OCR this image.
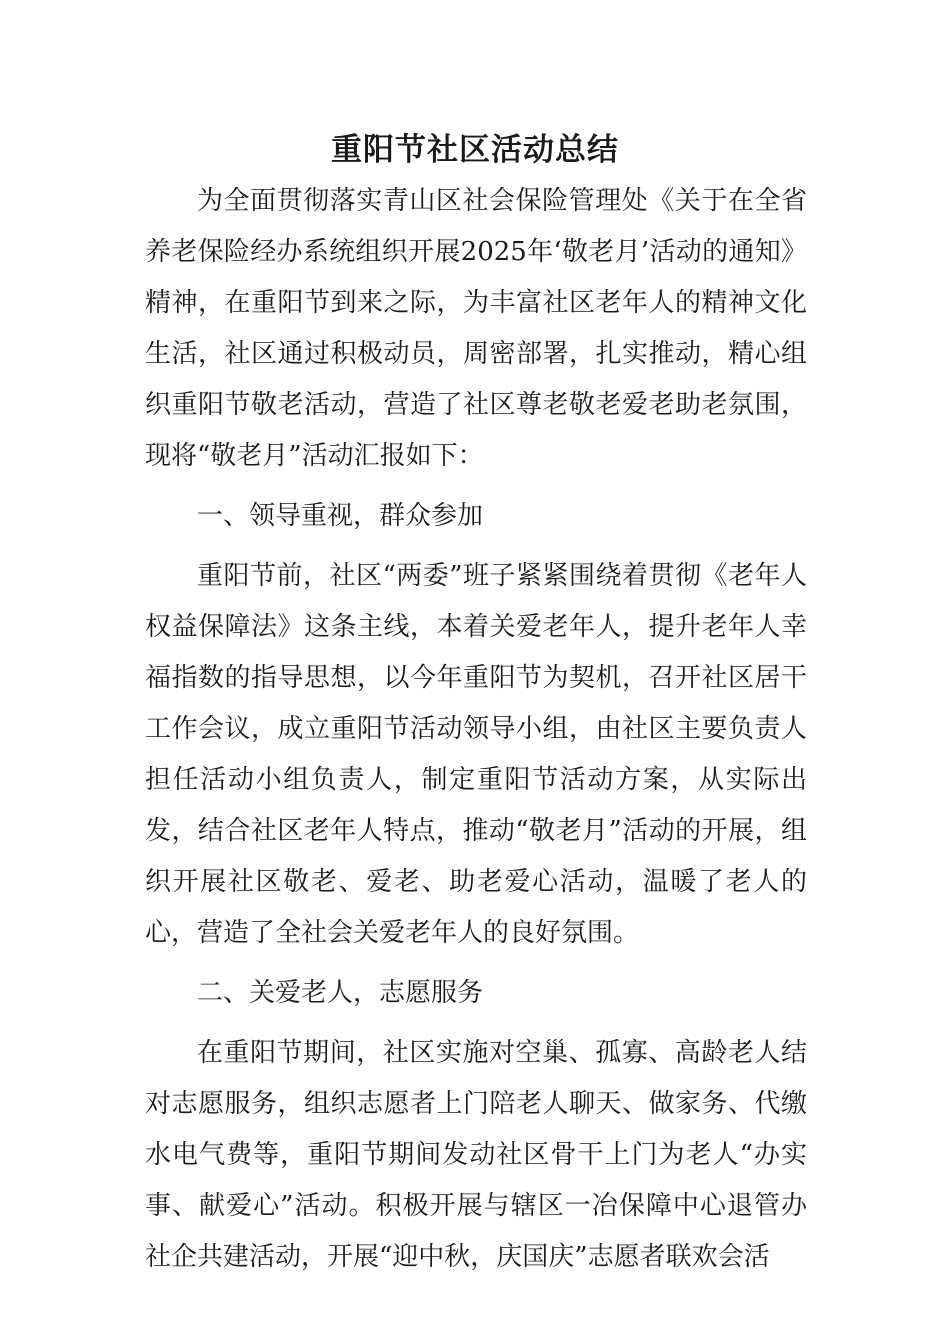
重阳节社区活动总结

为全面贯彻落实青山区社会保险管理处《关于在全省养老保险经办系统组织开展2025年‘敬老月’活动的通知》精神，在重阳节到来之际，为丰富社区老年人的精神文化生活，社区通过积极动员，周密部署，扎实推动，精心组织重阳节敬老活动，营造了社区尊老敬老爱老助老氛围，现将“敬老月”活动汇报如下：

一、领导重视，群众参加

重阳节前，社区“两委”班子紧紧围绕着贯彻《老年人权益保障法》这条主线，本着关爱老年人，提升老年人幸福指数的指导思想，以今年重阳节为契机，召开社区居干工作会议，成立重阳节活动领导小组，由社区主要负责人担任活动小组负责人，制定重阳节活动方案，从实际出发，结合社区老年人特点，推动“敬老月”活动的开展，组织开展社区敬老、爱老、助老爱心活动，温暖了老人的心，营造了全社会关爱老年人的良好氛围。

二、关爱老人，志愿服务

在重阳节期间，社区实施对空巢、孤寡、高龄老人结对志愿服务，组织志愿者上门陪老人聊天、做家务、代缴水电气费等，重阳节期间发动社区骨干上门为老人“办实事、献爱心”活动。积极开展与辖区一冶保障中心退管办社企共建活动，开展“迎中秋，庆国庆”志愿者联欢会活
